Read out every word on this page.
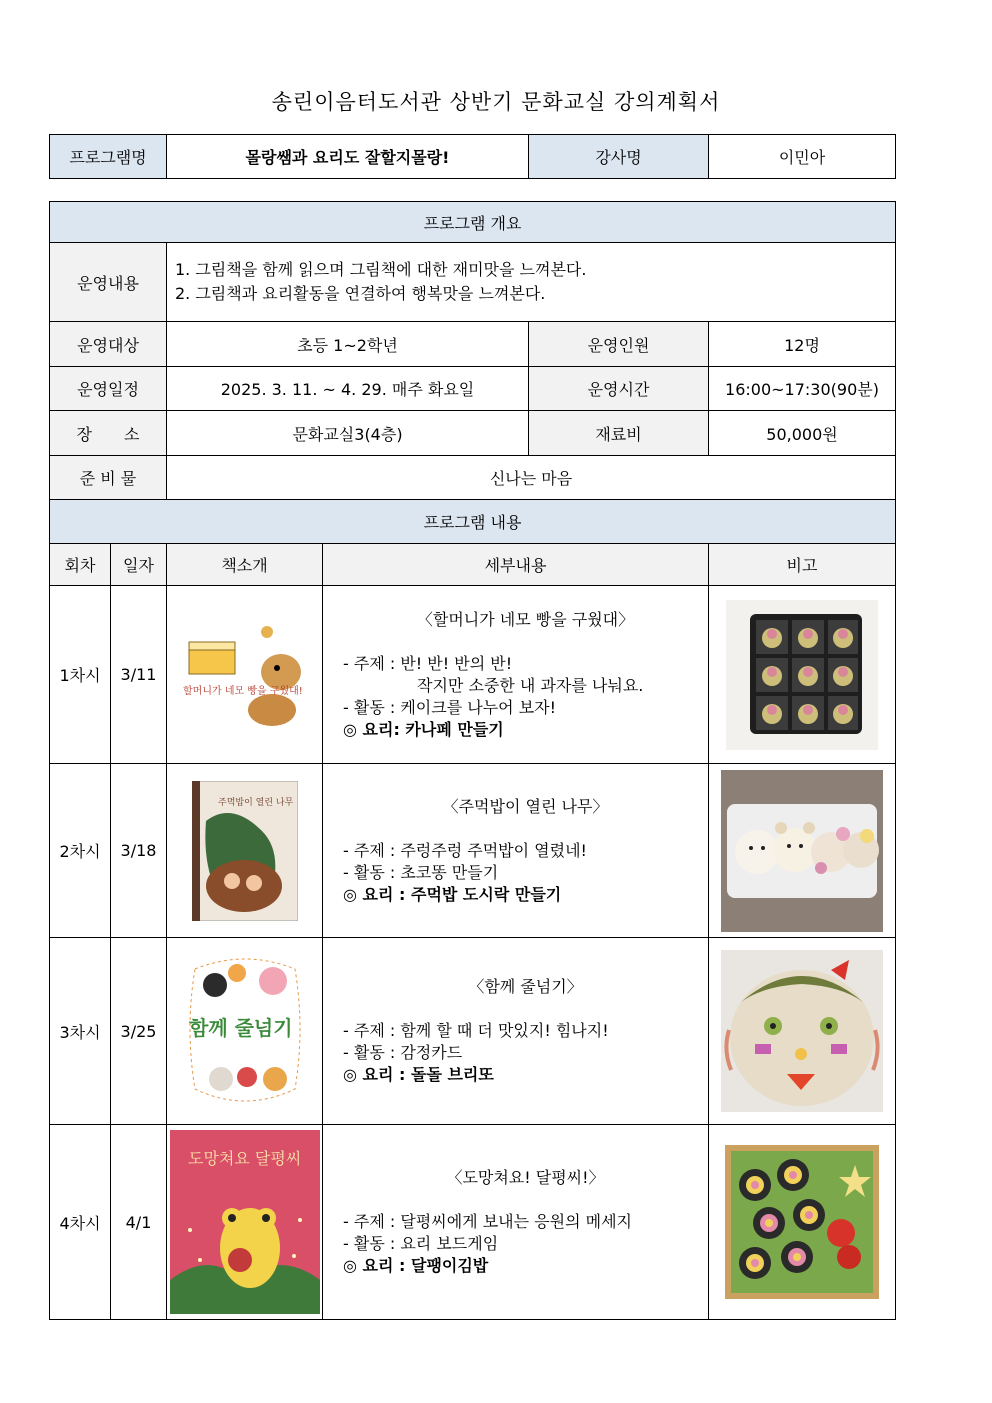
송린이음터도서관 상반기 문화교실 강의계획서
프로그램명	몰랑쌤과 요리도 잘할지몰랑!	강사명	이민아
프로그램 개요					
운영내용		1. 그림책을 함께 읽으며 그림책에 대한 재미맛을 느껴본다.
2. 그림책과 요리활동을 연결하여 행복맛을 느껴본다.			

운영대상		초등 1~2학년		운영인원	12명
운영일정		2025. 3. 11. ~ 4. 29. 매주 화요일		운영시간	16:00~17:30(90분)
장　　소		문화교실3(4층)		재료비	50,000원
준 비 물		신나는 마음			
프로그램 내용					
회차	일자	책소개	세부내용		비고
1차시	3/11	할머니가 네모 빵을 구웠대!	〈할머니가 네모 빵을 구웠대〉
- 주제 : 반! 반! 반의 반!
작지만 소중한 내 과자를 나눠요.
- 활동 : 케이크를 나누어 보자!
◎ 요리: 카나페 만들기

2차시	3/18	주먹밥이 열린 나무	〈주먹밥이 열린 나무〉
- 주제 : 주렁주렁 주먹밥이 열렸네!
- 활동 : 초코똥 만들기
◎ 요리 : 주먹밥 도시락 만들기

3차시	3/25	함께 줄넘기	〈함께 줄넘기〉
- 주제 : 함께 할 때 더 맛있지! 힘나지!
- 활동 : 감정카드
◎ 요리 : 돌돌 브리또

4차시	4/1	도망쳐요 달평씨	〈도망쳐요! 달평씨!〉
- 주제 : 달평씨에게 보내는 응원의 메세지
- 활동 : 요리 보드게임
◎ 요리 : 달팽이김밥
